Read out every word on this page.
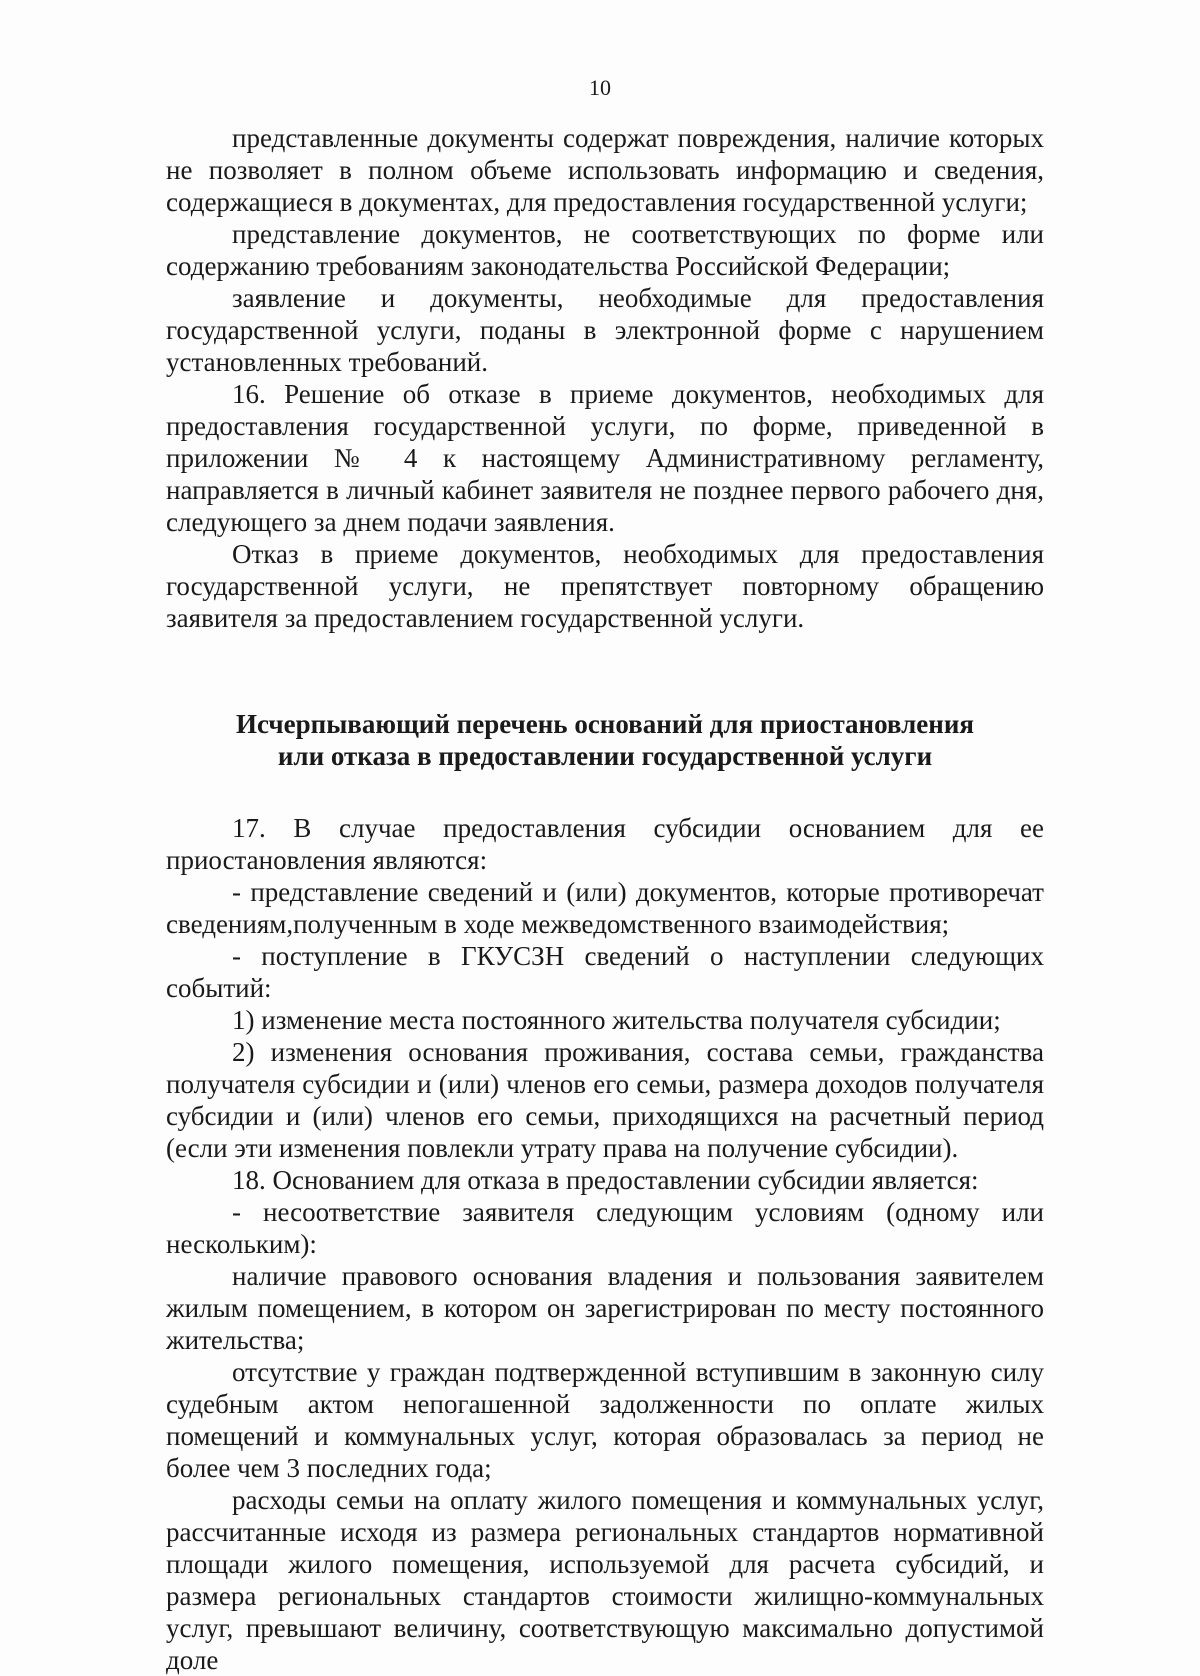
10

представленные документы содержат повреждения, наличие которых не позволяет в полном объеме использовать информацию и сведения, содержащиеся в документах, для предоставления государственной услуги;

представление документов, не соответствующих по форме или содержанию требованиям законодательства Российской Федерации;

заявление и документы, необходимые для предоставления государственной услуги, поданы в электронной форме с нарушением установленных требований.

16. Решение об отказе в приеме документов, необходимых для предоставления государственной услуги, по форме, приведенной в приложении № 4 к настоящему Административному регламенту, направляется в личный кабинет заявителя не позднее первого рабочего дня, следующего за днем подачи заявления.

Отказ в приеме документов, необходимых для предоставления государственной услуги, не препятствует повторному обращению заявителя за предоставлением государственной услуги.

Исчерпывающий перечень оснований для приостановления

или отказа в предоставлении государственной услуги

17. В случае предоставления субсидии основанием для ее приостановления являются:

- представление сведений и (или) документов, которые противоречат сведениям,полученным в ходе межведомственного взаимодействия;

- поступление в ГКУСЗН сведений о наступлении следующих событий:

1) изменение места постоянного жительства получателя субсидии;

2) изменения основания проживания, состава семьи, гражданства получателя субсидии и (или) членов его семьи, размера доходов получателя субсидии и (или) членов его семьи, приходящихся на расчетный период (если эти изменения повлекли утрату права на получение субсидии).

18. Основанием для отказа в предоставлении субсидии является:

- несоответствие заявителя следующим условиям (одному или нескольким):

наличие правового основания владения и пользования заявителем жилым помещением, в котором он зарегистрирован по месту постоянного жительства;

отсутствие у граждан подтвержденной вступившим в законную силу судебным актом непогашенной задолженности по оплате жилых помещений и коммунальных услуг, которая образовалась за период не более чем 3 последних года;

расходы семьи на оплату жилого помещения и коммунальных услуг, рассчитанные исходя из размера региональных стандартов нормативной площади жилого помещения, используемой для расчета субсидий, и размера региональных стандартов стоимости жилищно-коммунальных услуг, превышают величину, соответствующую максимально допустимой доле
